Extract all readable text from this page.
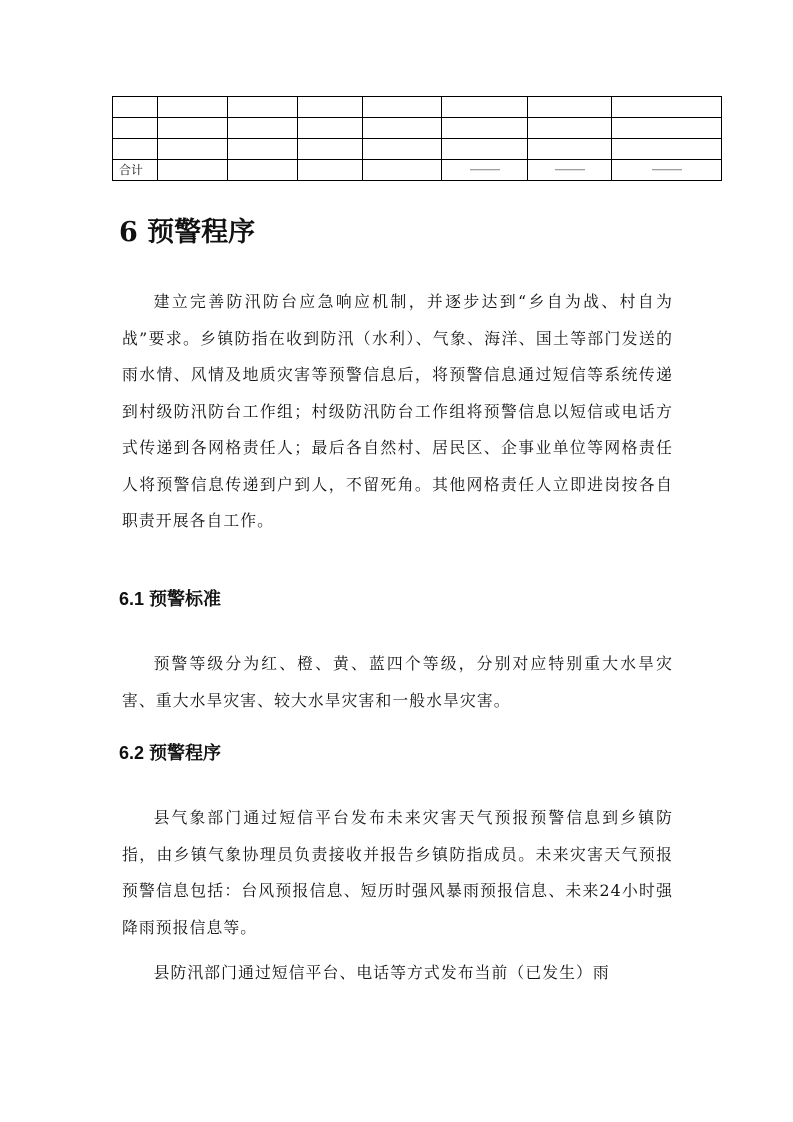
合计					———	———	———
6 预警程序

建立完善防汛防台应急响应机制，并逐步达到“乡自为战、村自为战”要求。乡镇防指在收到防汛（水利）、气象、海洋、国土等部门发送的雨水情、风情及地质灾害等预警信息后，将预警信息通过短信等系统传递到村级防汛防台工作组；村级防汛防台工作组将预警信息以短信或电话方式传递到各网格责任人；最后各自然村、居民区、企事业单位等网格责任人将预警信息传递到户到人，不留死角。其他网格责任人立即进岗按各自职责开展各自工作。

6.1 预警标准

预警等级分为红、橙、黄、蓝四个等级，分别对应特别重大水旱灾害、重大水旱灾害、较大水旱灾害和一般水旱灾害。

6.2 预警程序

县气象部门通过短信平台发布未来灾害天气预报预警信息到乡镇防指，由乡镇气象协理员负责接收并报告乡镇防指成员。未来灾害天气预报预警信息包括：台风预报信息、短历时强风暴雨预报信息、未来24小时强降雨预报信息等。

县防汛部门通过短信平台、电话等方式发布当前（已发生）雨
